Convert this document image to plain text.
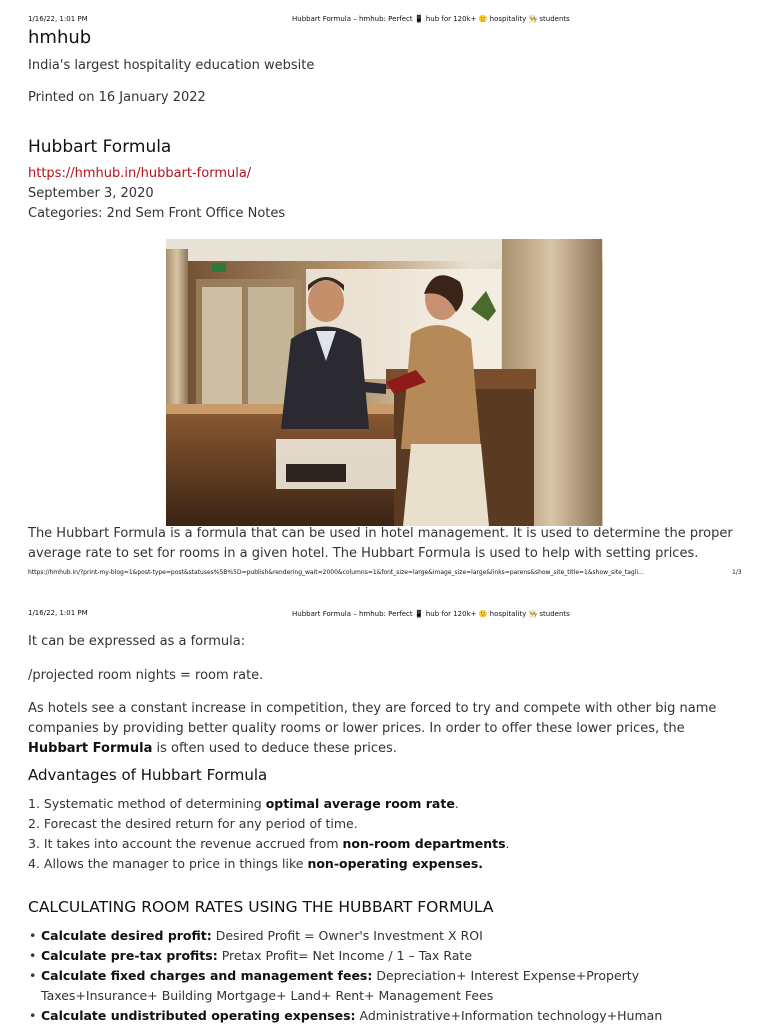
1/16/22, 1:01 PM	Hubbart Formula – hmhub: Perfect 📱 hub for 120k+ 🙂 hospitality 👨‍🍳 students
hmhub
India's largest hospitality education website
Printed on 16 January 2022
Hubbart Formula
https://hmhub.in/hubbart-formula/
September 3, 2020
Categories: 2nd Sem Front Office Notes
The Hubbart Formula is a formula that can be used in hotel management. It is used to determine the proper average rate to set for rooms in a given hotel. The Hubbart Formula is used to help with setting prices.
https://hmhub.in/?print-my-blog=1&post-type=post&statuses%5B%5D=publish&rendering_wait=2000&columns=1&font_size=large&image_size=large&links=parens&show_site_title=1&show_site_tagli...	1/3
1/16/22, 1:01 PM	Hubbart Formula – hmhub: Perfect 📱 hub for 120k+ 🙂 hospitality 👨‍🍳 students
It can be expressed as a formula:
/projected room nights = room rate.
As hotels see a constant increase in competition, they are forced to try and compete with other big name companies by providing better quality rooms or lower prices. In order to offer these lower prices, the Hubbart Formula is often used to deduce these prices.
Advantages of Hubbart Formula
1. Systematic method of determining optimal average room rate.
2. Forecast the desired return for any period of time.
3. It takes into account the revenue accrued from non-room departments.
4. Allows the manager to price in things like non-operating expenses.
CALCULATING ROOM RATES USING THE HUBBART FORMULA
• Calculate desired profit: Desired Profit = Owner's Investment X ROI
• Calculate pre-tax profits: Pretax Profit= Net Income / 1 – Tax Rate
• Calculate fixed charges and management fees: Depreciation+ Interest Expense+Property Taxes+Insurance+ Building Mortgage+ Land+ Rent+ Management Fees
• Calculate undistributed operating expenses: Administrative+Information technology+Human
